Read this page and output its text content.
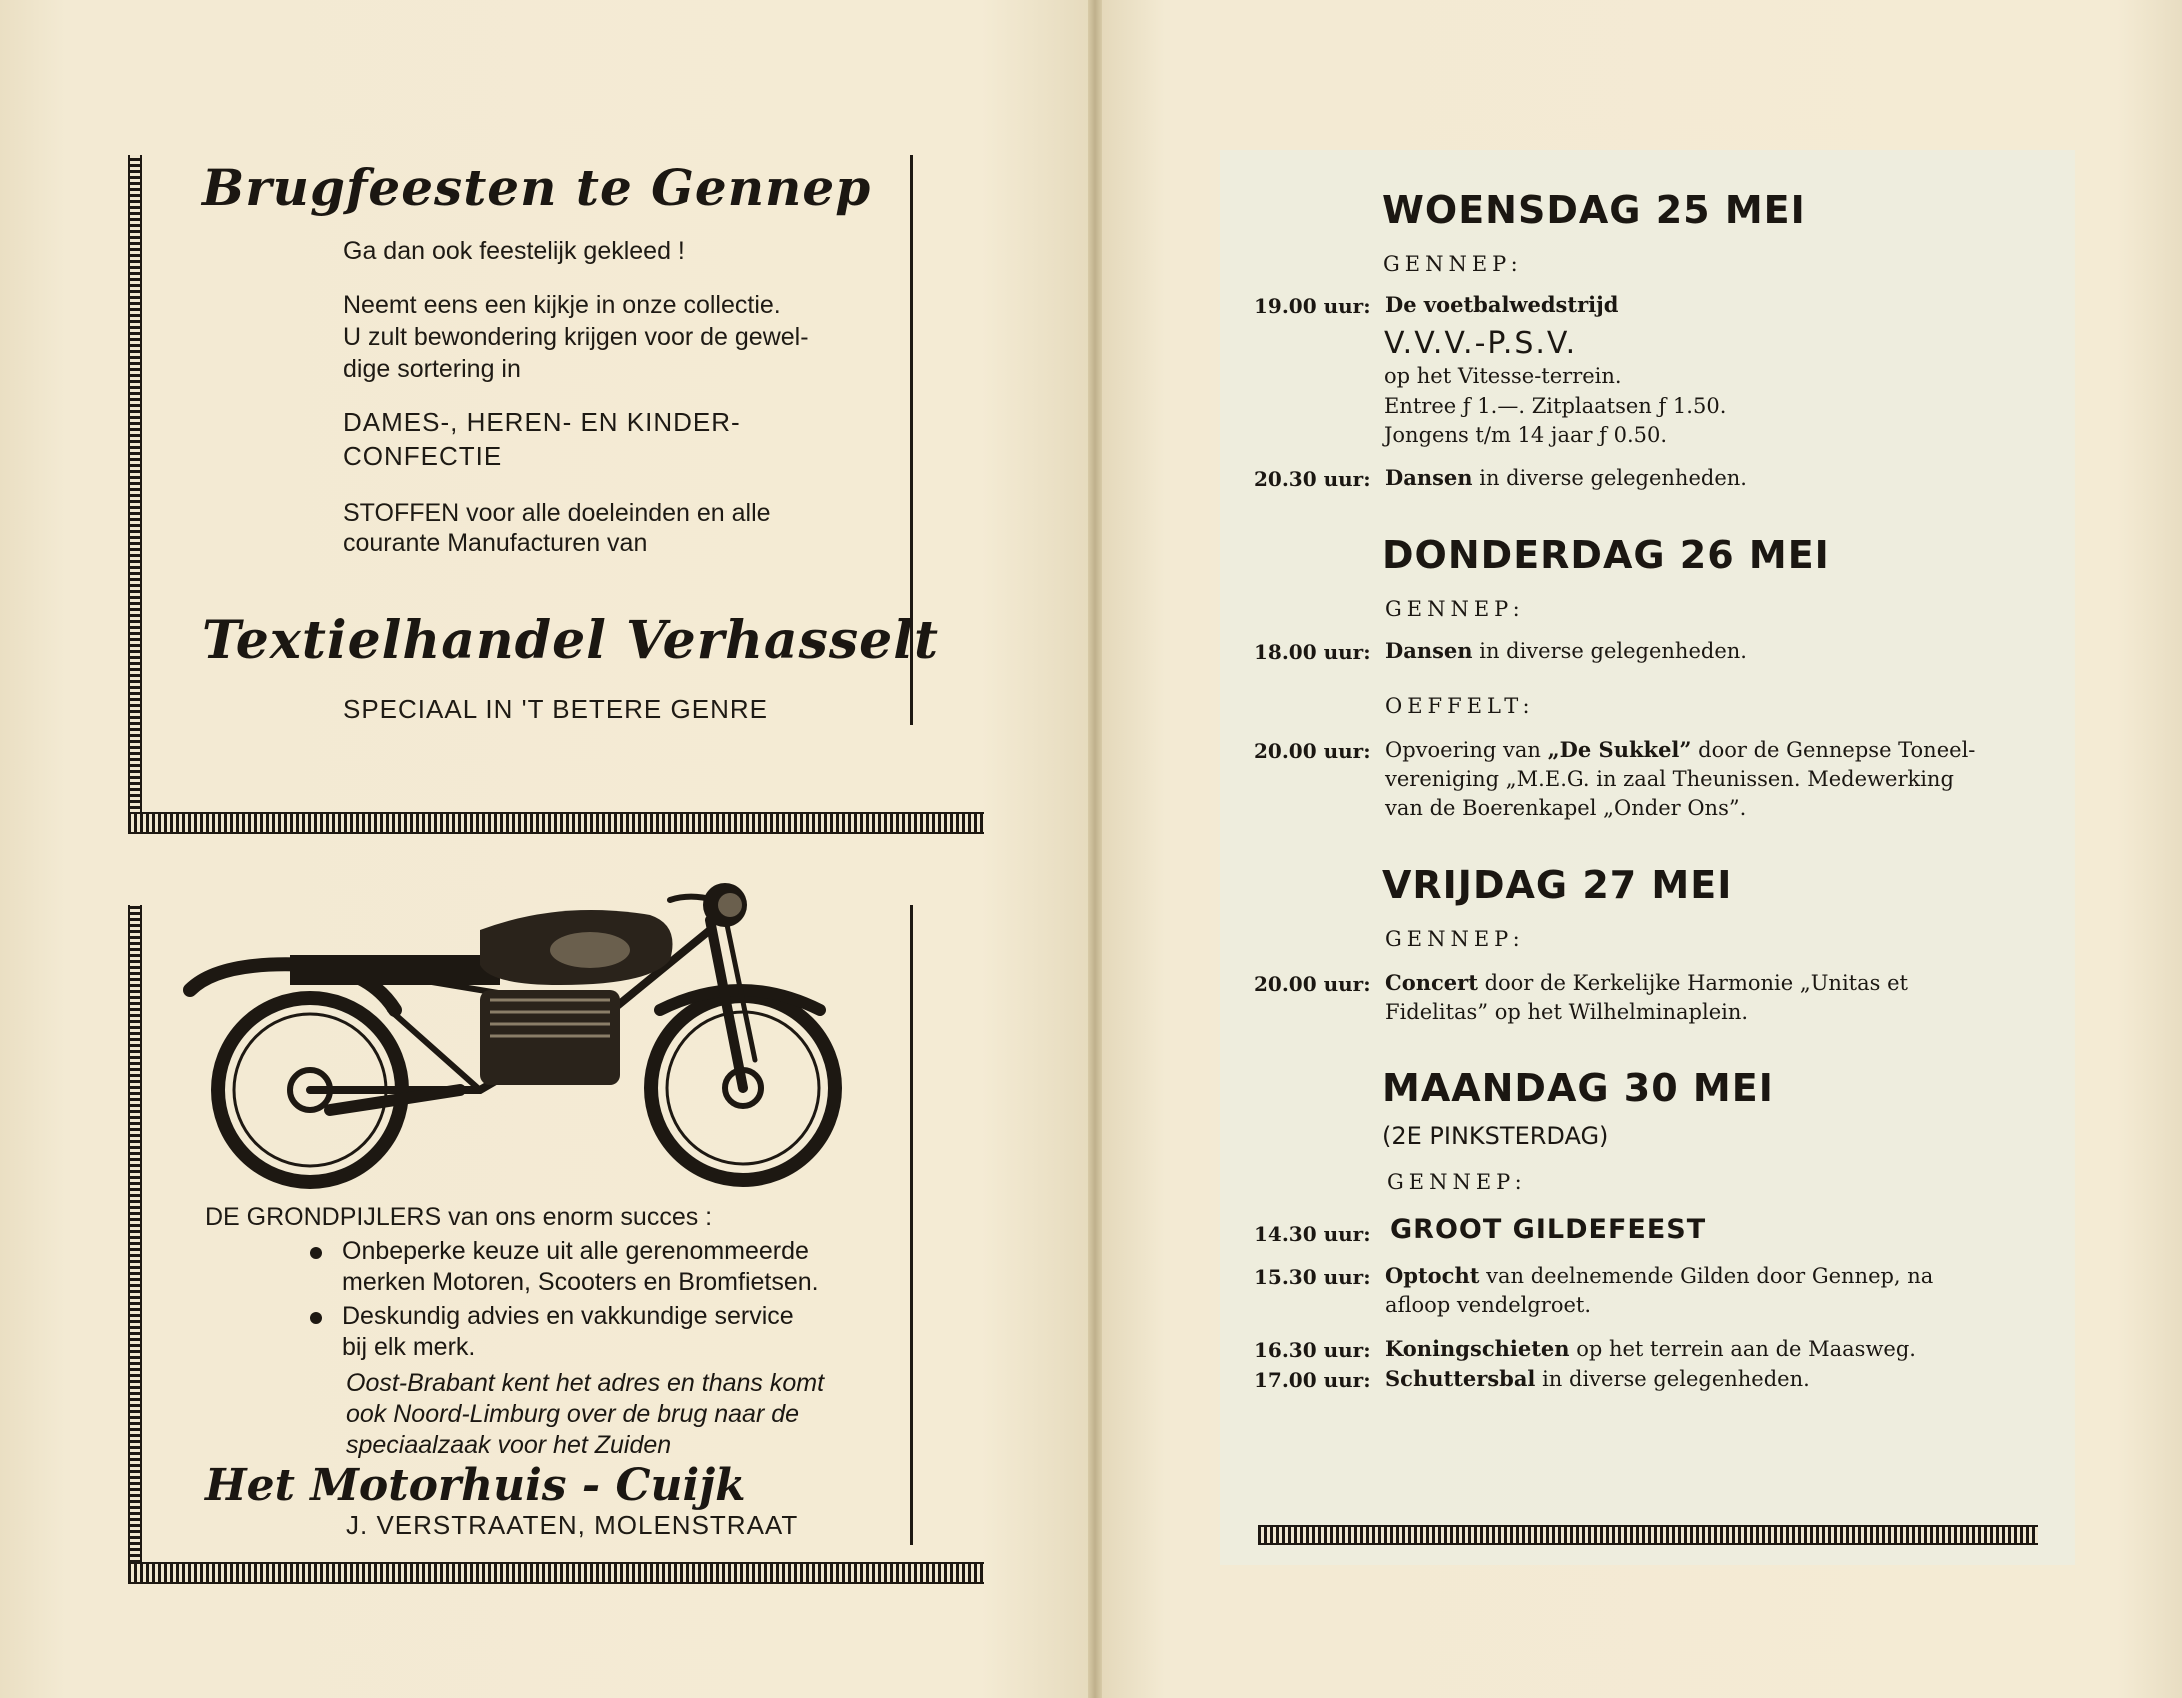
Brugfeesten te Gennep
Ga dan ook feestelijk gekleed !
Neemt eens een kijkje in onze collectie.
U zult bewondering krijgen voor de gewel-
dige sortering in
DAMES-, HEREN- EN KINDER-
CONFECTIE
STOFFEN voor alle doeleinden en alle
courante Manufacturen van
Textielhandel Verhasselt
SPECIAAL IN 'T BETERE GENRE
DE GRONDPIJLERS van ons enorm succes :
Onbeperke keuze uit alle gerenommeerde
merken Motoren, Scooters en Bromfietsen.
Deskundig advies en vakkundige service
bij elk merk.
Oost-Brabant kent het adres en thans komt
ook Noord-Limburg over de brug naar de
speciaalzaak voor het Zuiden
Het Motorhuis - Cuijk
J. VERSTRAATEN, MOLENSTRAAT
WOENSDAG 25 MEI
GENNEP:
19.00 uur: De voetbalwedstrijd
V.V.V.-P.S.V.
op het Vitesse-terrein.
Entree ƒ 1.—. Zitplaatsen ƒ 1.50.
Jongens t/m 14 jaar ƒ 0.50.
20.30 uur: Dansen in diverse gelegenheden.
DONDERDAG 26 MEI
GENNEP:
18.00 uur: Dansen in diverse gelegenheden.
OEFFELT:
20.00 uur: Opvoering van „De Sukkel” door de Gennepse Toneel-
vereniging „M.E.G. in zaal Theunissen. Medewerking
van de Boerenkapel „Onder Ons”.
VRIJDAG 27 MEI
GENNEP:
20.00 uur: Concert door de Kerkelijke Harmonie „Unitas et
Fidelitas” op het Wilhelminaplein.
MAANDAG 30 MEI
(2E PINKSTERDAG)
GENNEP:
14.30 uur: GROOT GILDEFEEST
15.30 uur: Optocht van deelnemende Gilden door Gennep, na
afloop vendelgroet.
16.30 uur: Koningschieten op het terrein aan de Maasweg.
17.00 uur: Schuttersbal in diverse gelegenheden.
